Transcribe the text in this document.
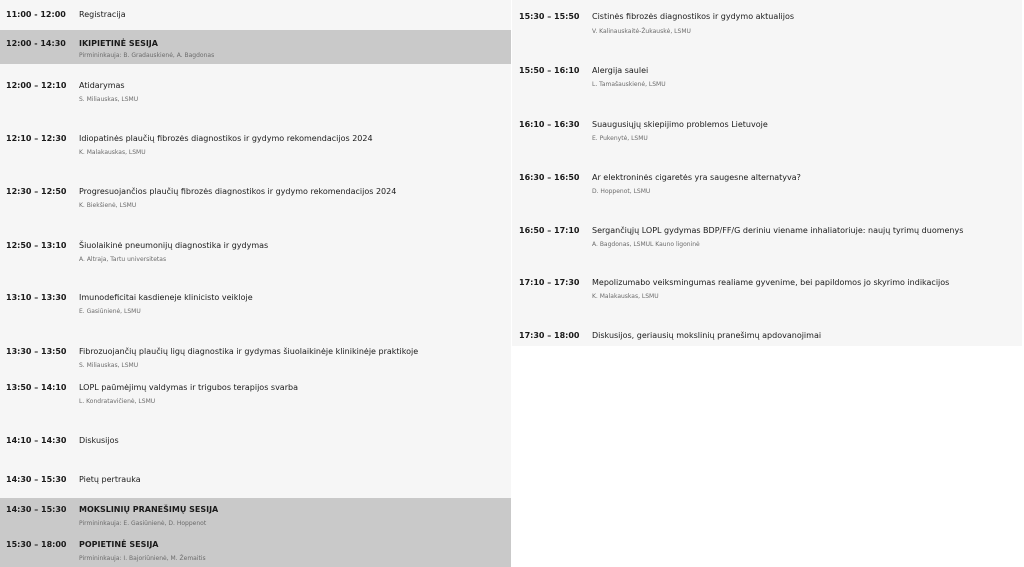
11:00 - 12:00 Registracija
12:00 - 14:30 IKIPIETINĖ SESIJA
Pirmininkauja: B. Gradauskienė, A. Bagdonas
12:00 – 12:10 Atidarymas
S. Miliauskas, LSMU
12:10 – 12:30 Idiopatinės plaučių fibrozės diagnostikos ir gydymo rekomendacijos 2024
K. Malakauskas, LSMU
12:30 – 12:50 Progresuojančios plaučių fibrozės diagnostikos ir gydymo rekomendacijos 2024
K. Biekšienė, LSMU
12:50 – 13:10 Šiuolaikinė pneumonijų diagnostika ir gydymas
A. Altraja, Tartu universitetas
13:10 – 13:30 Imunodeficitai kasdieneje klinicisto veikloje
E. Gasiūnienė, LSMU
13:30 – 13:50 Fibrozuojančių plaučių ligų diagnostika ir gydymas šiuolaikinėje klinikinėje praktikoje
S. Miliauskas, LSMU
13:50 – 14:10 LOPL paūmėjimų valdymas ir trigubos terapijos svarba
L. Kondratavičienė, LSMU
14:10 – 14:30 Diskusijos
14:30 – 15:30 Pietų pertrauka
14:30 – 15:30 MOKSLINIŲ PRANEŠIMŲ SESIJA
Pirmininkauja: E. Gasiūnienė, D. Hoppenot
15:30 – 18:00 POPIETINĖ SESIJA
Pirmininkauja: I. Bajoriūnienė, M. Žemaitis
15:30 – 15:50 Cistinės fibrozės diagnostikos ir gydymo aktualijos
V. Kalinauskaitė-Žukauskė, LSMU
15:50 – 16:10 Alergija saulei
L. Tamašauskienė, LSMU
16:10 – 16:30 Suaugusiųjų skiepijimo problemos Lietuvoje
E. Pukenytė, LSMU
16:30 – 16:50 Ar elektroninės cigaretės yra saugesne alternatyva?
D. Hoppenot, LSMU
16:50 – 17:10 Sergančiųjų LOPL gydymas BDP/FF/G deriniu viename inhaliatoriuje: naujų tyrimų duomenys
A. Bagdonas, LSMUL Kauno ligoninė
17:10 – 17:30 Mepolizumabo veiksmingumas realiame gyvenime, bei papildomos jo skyrimo indikacijos
K. Malakauskas, LSMU
17:30 – 18:00 Diskusijos, geriausių mokslinių pranešimų apdovanojimai
